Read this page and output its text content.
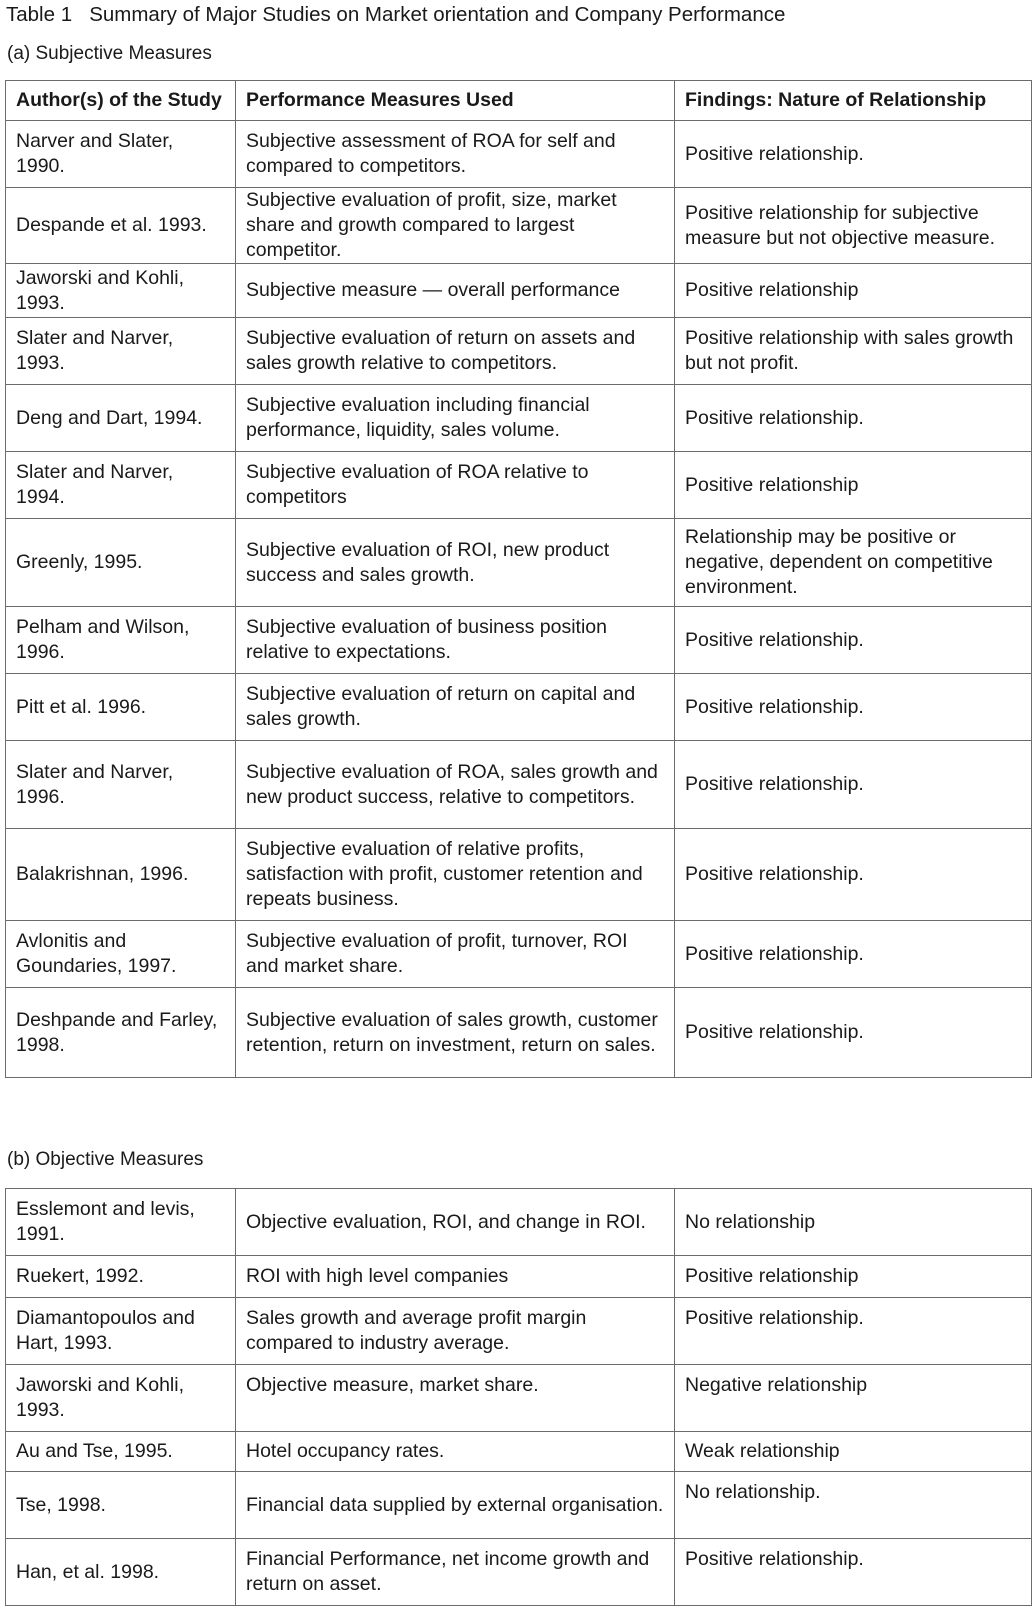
Table 1 Summary of Major Studies on Market orientation and Company Performance
(a) Subjective Measures
Author(s) of the Study	Performance Measures Used	Findings: Nature of Relationship
Narver and Slater, 1990.	Subjective assessment of ROA for self and compared to competitors.	Positive relationship.
Despande et al. 1993.	Subjective evaluation of profit, size, market share and growth compared to largest competitor.	Positive relationship for subjective measure but not objective measure.
Jaworski and Kohli, 1993.	Subjective measure — overall performance	Positive relationship
Slater and Narver, 1993.	Subjective evaluation of return on assets and sales growth relative to competitors.	Positive relationship with sales growth but not profit.
Deng and Dart, 1994.	Subjective evaluation including financial performance, liquidity, sales volume.	Positive relationship.
Slater and Narver, 1994.	Subjective evaluation of ROA relative to competitors	Positive relationship
Greenly, 1995.	Subjective evaluation of ROI, new product success and sales growth.	Relationship may be positive or negative, dependent on competitive environment.
Pelham and Wilson, 1996.	Subjective evaluation of business position relative to expectations.	Positive relationship.
Pitt et al. 1996.	Subjective evaluation of return on capital and sales growth.	Positive relationship.
Slater and Narver, 1996.	Subjective evaluation of ROA, sales growth and new product success, relative to competitors.	Positive relationship.
Balakrishnan, 1996.	Subjective evaluation of relative profits, satisfaction with profit, customer retention and repeats business.	Positive relationship.
Avlonitis and Goundaries, 1997.	Subjective evaluation of profit, turnover, ROI and market share.	Positive relationship.
Deshpande and Farley, 1998.	Subjective evaluation of sales growth, customer retention, return on investment, return on sales.	Positive relationship.
(b) Objective Measures
Esslemont and levis, 1991.	Objective evaluation, ROI, and change in ROI.	No relationship
Ruekert, 1992.	ROI with high level companies	Positive relationship
Diamantopoulos and Hart, 1993.	Sales growth and average profit margin compared to industry average.	Positive relationship.
Jaworski and Kohli, 1993.	Objective measure, market share.	Negative relationship
Au and Tse, 1995.	Hotel occupancy rates.	Weak relationship
Tse, 1998.	Financial data supplied by external organisation.	No relationship.
Han, et al. 1998.	Financial Performance, net income growth and return on asset.	Positive relationship.
